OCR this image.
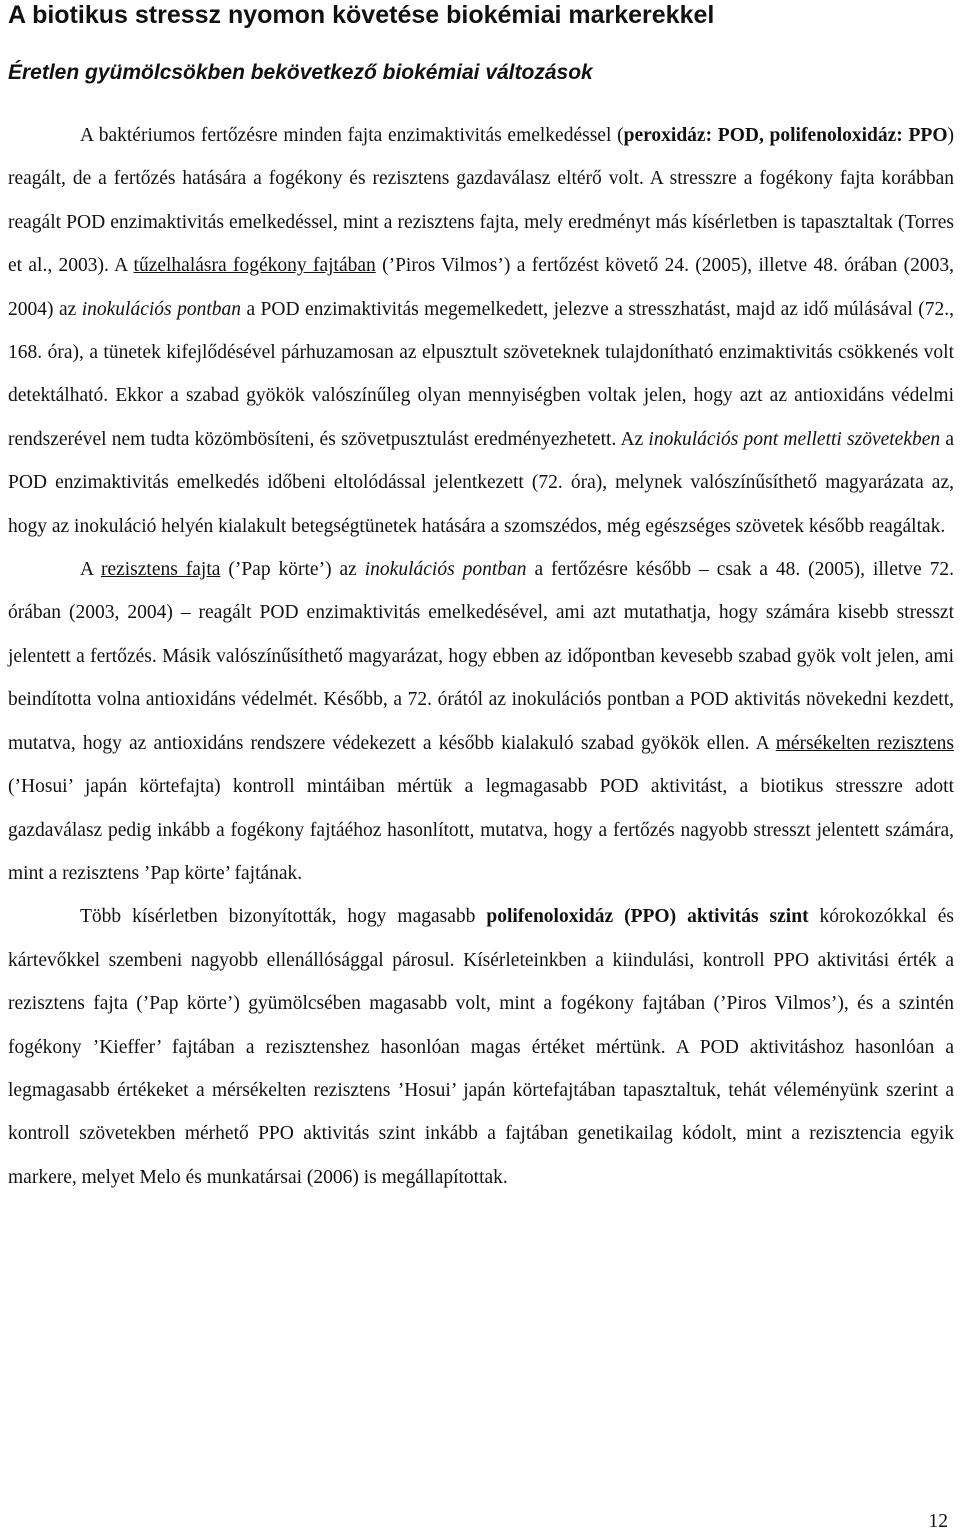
A biotikus stressz nyomon követése biokémiai markerekkel
Éretlen gyümölcsökben bekövetkező biokémiai változások

A baktériumos fertőzésre minden fajta enzimaktivitás emelkedéssel (peroxidáz: POD, polifenoloxidáz: PPO) reagált, de a fertőzés hatására a fogékony és rezisztens gazdaválasz eltérő volt. A stresszre a fogékony fajta korábban reagált POD enzimaktivitás emelkedéssel, mint a rezisztens fajta, mely eredményt más kísérletben is tapasztaltak (Torres et al., 2003). A tűzelhalásra fogékony fajtában (’Piros Vilmos’) a fertőzést követő 24. (2005), illetve 48. órában (2003, 2004) az inokulációs pontban a POD enzimaktivitás megemelkedett, jelezve a stresszhatást, majd az idő múlásával (72., 168. óra), a tünetek kifejlődésével párhuzamosan az elpusztult szöveteknek tulajdonítható enzimaktivitás csökkenés volt detektálható. Ekkor a szabad gyökök valószínűleg olyan mennyiségben voltak jelen, hogy azt az antioxidáns védelmi rendszerével nem tudta közömbösíteni, és szövetpusztulást eredményezhetett. Az inokulációs pont melletti szövetekben a POD enzimaktivitás emelkedés időbeni eltolódással jelentkezett (72. óra), melynek valószínűsíthető magyarázata az, hogy az inokuláció helyén kialakult betegségtünetek hatására a szomszédos, még egészséges szövetek később reagáltak.

A rezisztens fajta (’Pap körte’) az inokulációs pontban a fertőzésre később – csak a 48. (2005), illetve 72. órában (2003, 2004) – reagált POD enzimaktivitás emelkedésével, ami azt mutathatja, hogy számára kisebb stresszt jelentett a fertőzés. Másik valószínűsíthető magyarázat, hogy ebben az időpontban kevesebb szabad gyök volt jelen, ami beindította volna antioxidáns védelmét. Később, a 72. órától az inokulációs pontban a POD aktivitás növekedni kezdett, mutatva, hogy az antioxidáns rendszere védekezett a később kialakuló szabad gyökök ellen. A mérsékelten rezisztens (’Hosui’ japán körtefajta) kontroll mintáiban mértük a legmagasabb POD aktivitást, a biotikus stresszre adott gazdaválasz pedig inkább a fogékony fajtáéhoz hasonlított, mutatva, hogy a fertőzés nagyobb stresszt jelentett számára, mint a rezisztens ’Pap körte’ fajtának.

Több kísérletben bizonyították, hogy magasabb polifenoloxidáz (PPO) aktivitás szint kórokozókkal és kártevőkkel szembeni nagyobb ellenállósággal párosul. Kísérleteinkben a kiindulási, kontroll PPO aktivitási érték a rezisztens fajta (’Pap körte’) gyümölcsében magasabb volt, mint a fogékony fajtában (’Piros Vilmos’), és a szintén fogékony ’Kieffer’ fajtában a rezisztenshez hasonlóan magas értéket mértünk. A POD aktivitáshoz hasonlóan a legmagasabb értékeket a mérsékelten rezisztens ’Hosui’ japán körtefajtában tapasztaltuk, tehát véleményünk szerint a kontroll szövetekben mérhető PPO aktivitás szint inkább a fajtában genetikailag kódolt, mint a rezisztencia egyik markere, melyet Melo és munkatársai (2006) is megállapítottak.

12
